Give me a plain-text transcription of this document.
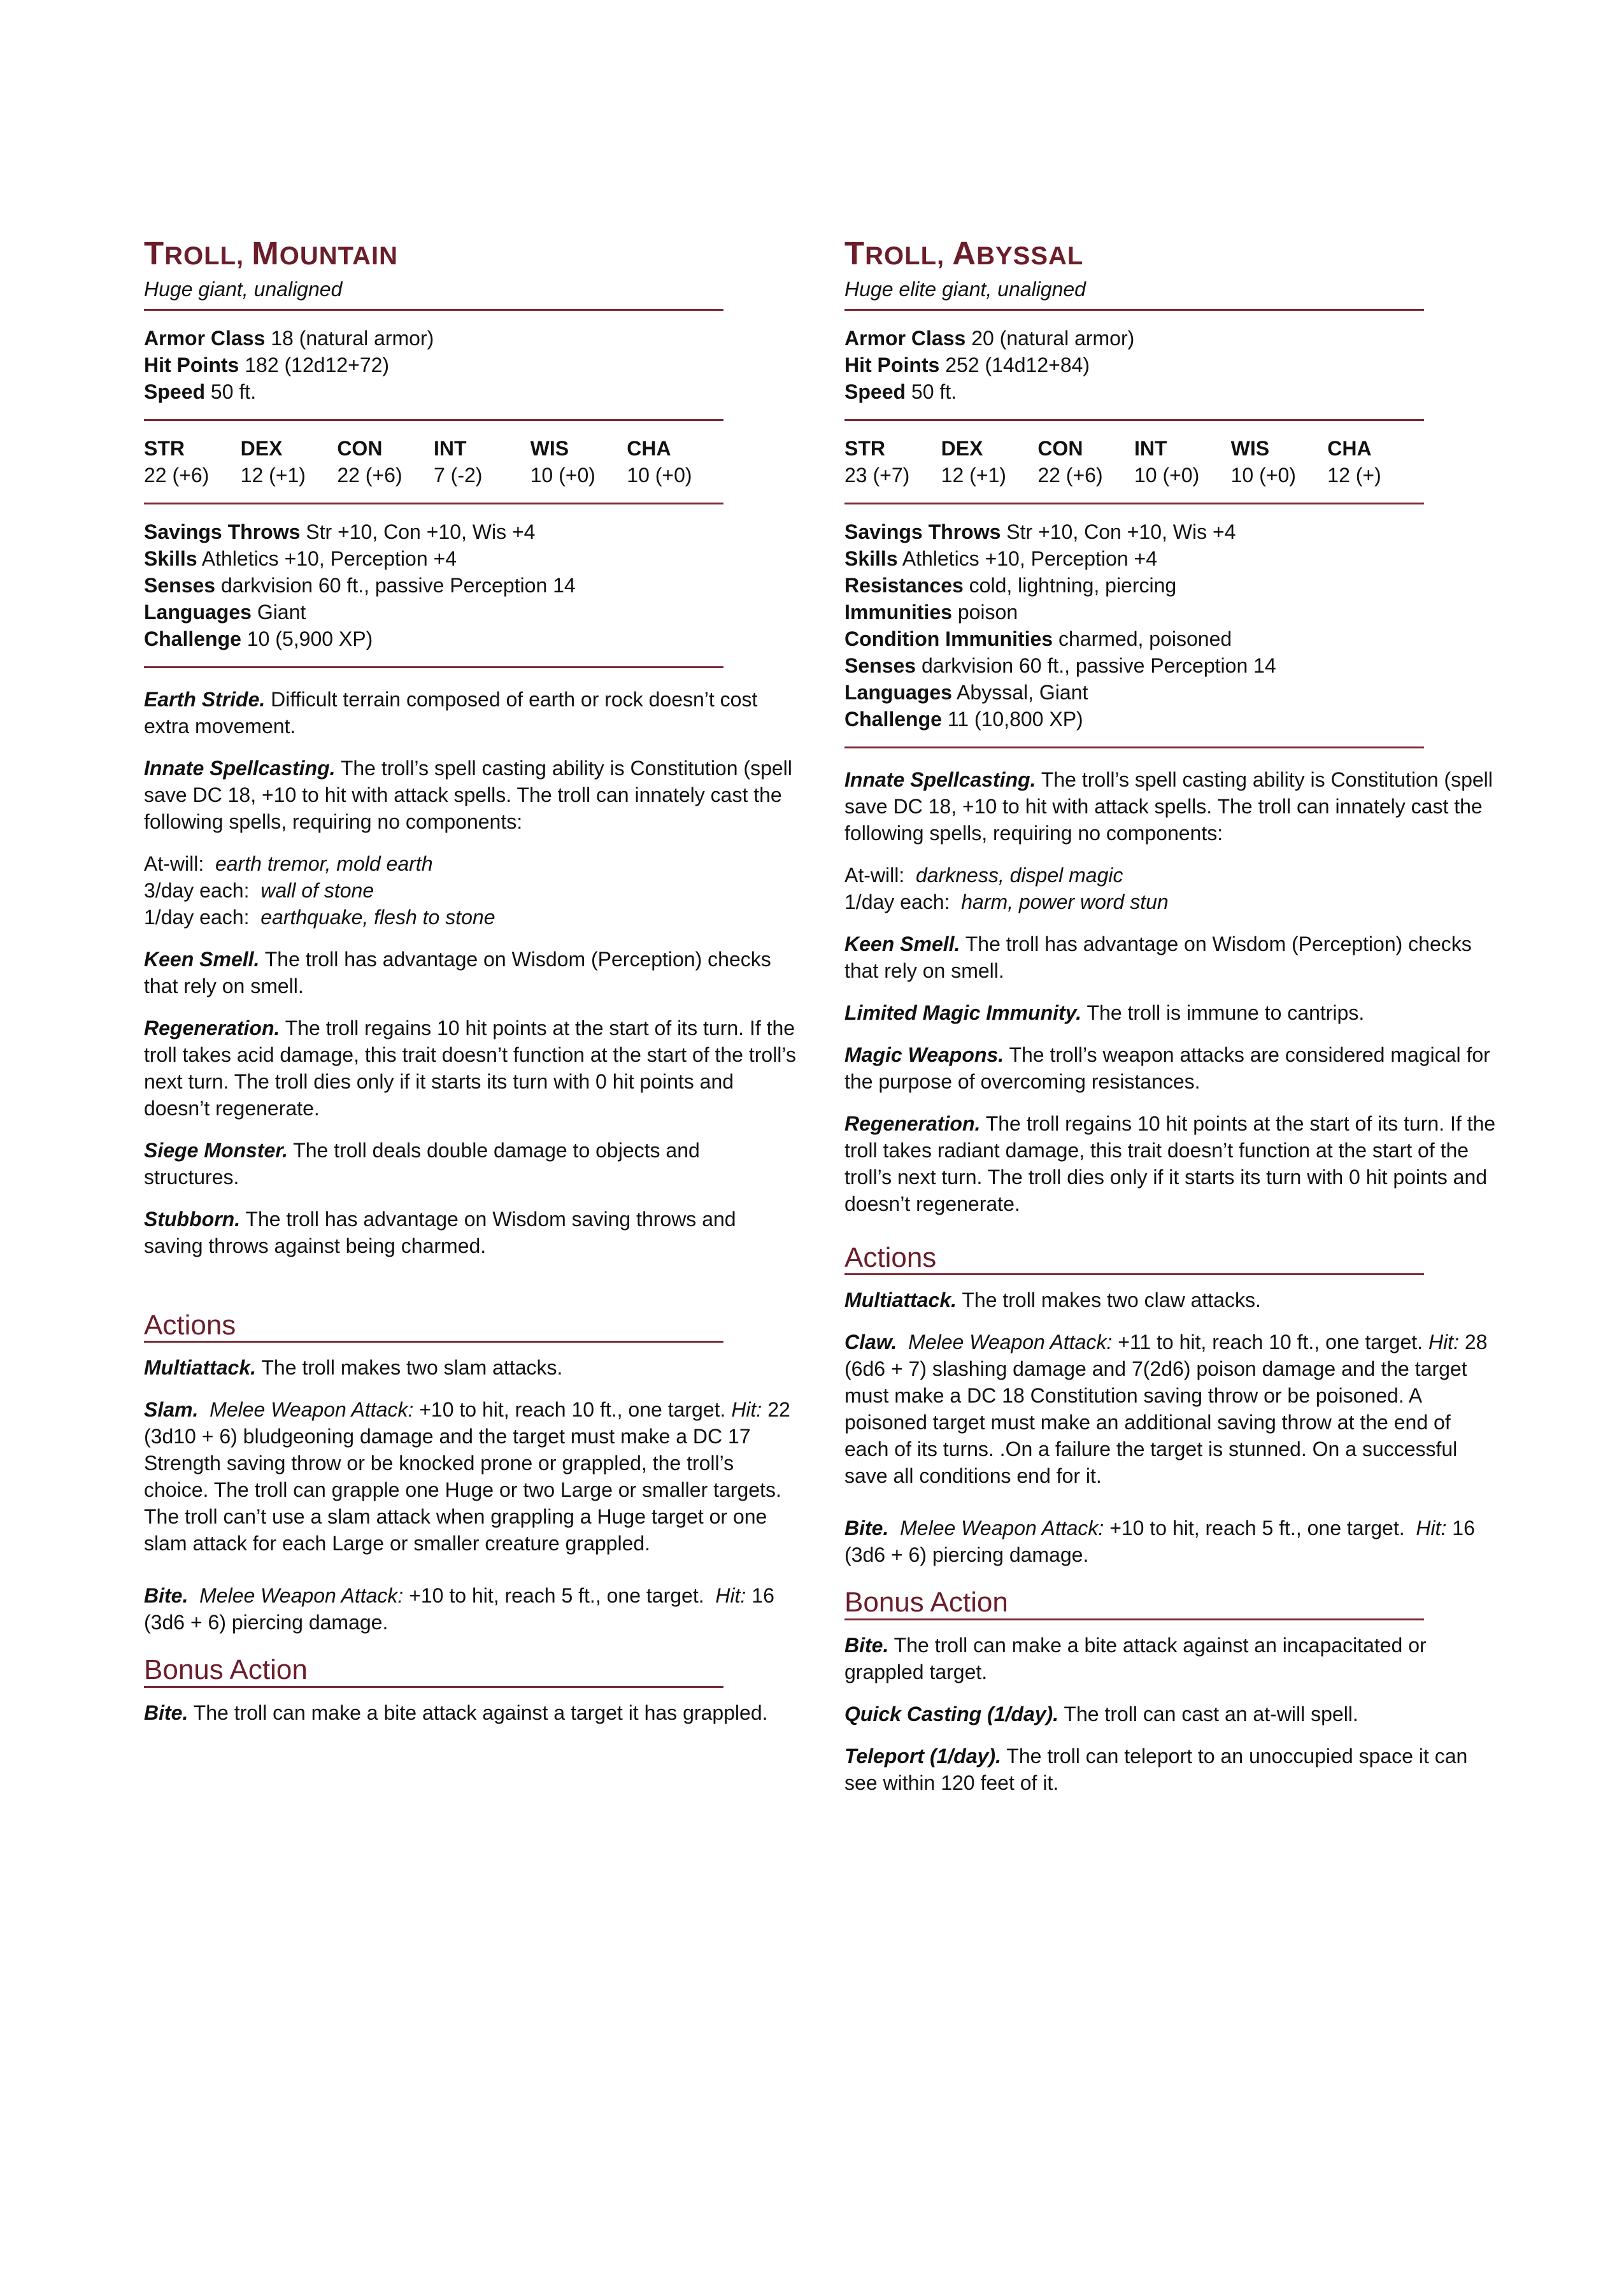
TROLL, MOUNTAIN
Huge giant, unaligned
Armor Class 18 (natural armor)
Hit Points 182 (12d12+72)
Speed 50 ft.
STR	DEX	CON	INT	WIS	CHA
22 (+6)	12 (+1)	22 (+6)	7 (-2)	10 (+0)	10 (+0)
Savings Throws Str +10, Con +10, Wis +4
Skills Athletics +10, Perception +4
Senses darkvision 60 ft., passive Perception 14
Languages Giant
Challenge 10 (5,900 XP)

Earth Stride. Difficult terrain composed of earth or rock doesn’t cost extra movement.

Innate Spellcasting. The troll’s spell casting ability is Constitution (spell save DC 18, +10 to hit with attack spells. The troll can innately cast the following spells, requiring no components:

At-will: earth tremor, mold earth
3/day each: wall of stone
1/day each: earthquake, flesh to stone

Keen Smell. The troll has advantage on Wisdom (Perception) checks that rely on smell.

Regeneration. The troll regains 10 hit points at the start of its turn. If the troll takes acid damage, this trait doesn’t function at the start of the troll’s next turn. The troll dies only if it starts its turn with 0 hit points and doesn’t regenerate.

Siege Monster. The troll deals double damage to objects and structures.

Stubborn. The troll has advantage on Wisdom saving throws and saving throws against being charmed.

Actions

Multiattack. The troll makes two slam attacks.

Slam. Melee Weapon Attack: +10 to hit, reach 10 ft., one target. Hit: 22 (3d10 + 6) bludgeoning damage and the target must make a DC 17 Strength saving throw or be knocked prone or grappled, the troll’s choice. The troll can grapple one Huge or two Large or smaller targets. The troll can’t use a slam attack when grappling a Huge target or one slam attack for each Large or smaller creature grappled.

Bite. Melee Weapon Attack: +10 to hit, reach 5 ft., one target. Hit: 16 (3d6 + 6) piercing damage.

Bonus Action

Bite. The troll can make a bite attack against a target it has grappled.

TROLL, ABYSSAL
Huge elite giant, unaligned
Armor Class 20 (natural armor)
Hit Points 252 (14d12+84)
Speed 50 ft.
STR	DEX	CON	INT	WIS	CHA
23 (+7)	12 (+1)	22 (+6)	10 (+0)	10 (+0)	12 (+)
Savings Throws Str +10, Con +10, Wis +4
Skills Athletics +10, Perception +4
Resistances cold, lightning, piercing
Immunities poison
Condition Immunities charmed, poisoned
Senses darkvision 60 ft., passive Perception 14
Languages Abyssal, Giant
Challenge 11 (10,800 XP)

Innate Spellcasting. The troll’s spell casting ability is Constitution (spell save DC 18, +10 to hit with attack spells. The troll can innately cast the following spells, requiring no components:

At-will: darkness, dispel magic
1/day each: harm, power word stun

Keen Smell. The troll has advantage on Wisdom (Perception) checks that rely on smell.

Limited Magic Immunity. The troll is immune to cantrips.

Magic Weapons. The troll’s weapon attacks are considered magical for the purpose of overcoming resistances.

Regeneration. The troll regains 10 hit points at the start of its turn. If the troll takes radiant damage, this trait doesn’t function at the start of the troll’s next turn. The troll dies only if it starts its turn with 0 hit points and doesn’t regenerate.

Actions

Multiattack. The troll makes two claw attacks.

Claw. Melee Weapon Attack: +11 to hit, reach 10 ft., one target. Hit: 28 (6d6 + 7) slashing damage and 7(2d6) poison damage and the target must make a DC 18 Constitution saving throw or be poisoned. A poisoned target must make an additional saving throw at the end of each of its turns. .On a failure the target is stunned. On a successful save all conditions end for it.

Bite. Melee Weapon Attack: +10 to hit, reach 5 ft., one target. Hit: 16 (3d6 + 6) piercing damage.

Bonus Action

Bite. The troll can make a bite attack against an incapacitated or grappled target.

Quick Casting (1/day). The troll can cast an at-will spell.

Teleport (1/day). The troll can teleport to an unoccupied space it can see within 120 feet of it.
